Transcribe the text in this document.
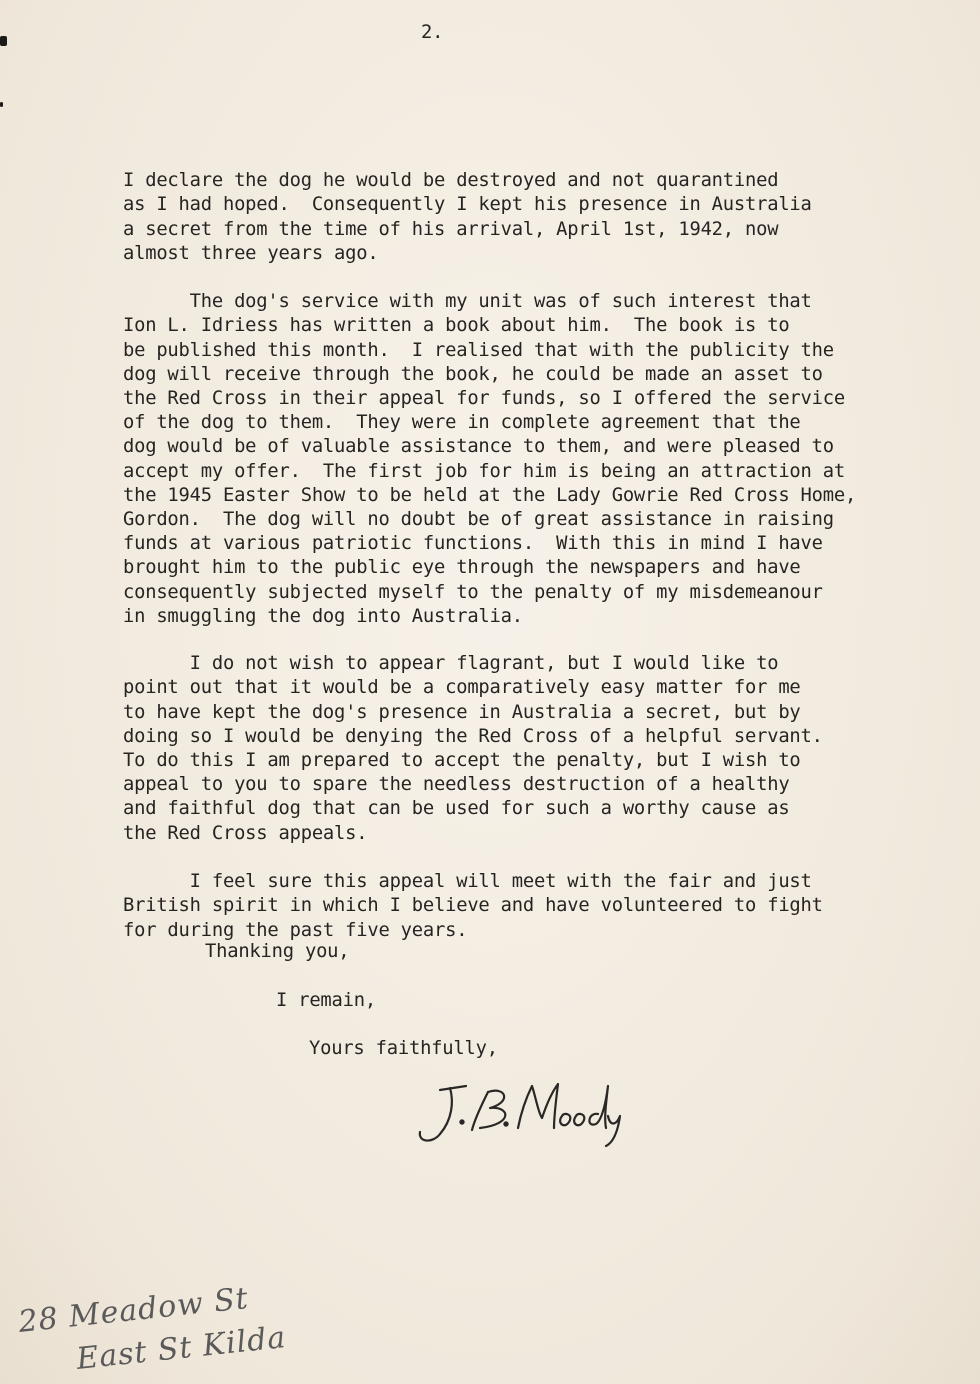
2.

I declare the dog he would be destroyed and not quarantined
as I had hoped.  Consequently I kept his presence in Australia
a secret from the time of his arrival, April 1st, 1942, now
almost three years ago.

The dog's service with my unit was of such interest that
Ion L. Idriess has written a book about him.  The book is to
be published this month.  I realised that with the publicity the
dog will receive through the book, he could be made an asset to
the Red Cross in their appeal for funds, so I offered the service
of the dog to them.  They were in complete agreement that the
dog would be of valuable assistance to them, and were pleased to
accept my offer.  The first job for him is being an attraction at
the 1945 Easter Show to be held at the Lady Gowrie Red Cross Home,
Gordon.  The dog will no doubt be of great assistance in raising
funds at various patriotic functions.  With this in mind I have
brought him to the public eye through the newspapers and have
consequently subjected myself to the penalty of my misdemeanour
in smuggling the dog into Australia.

I do not wish to appear flagrant, but I would like to
point out that it would be a comparatively easy matter for me
to have kept the dog's presence in Australia a secret, but by
doing so I would be denying the Red Cross of a helpful servant.
To do this I am prepared to accept the penalty, but I wish to
appeal to you to spare the needless destruction of a healthy
and faithful dog that can be used for such a worthy cause as
the Red Cross appeals.

I feel sure this appeal will meet with the fair and just
British spirit in which I believe and have volunteered to fight
for during the past five years.

Thanking you,
I remain,
Yours faithfully,
28 Meadow St
East St Kilda
